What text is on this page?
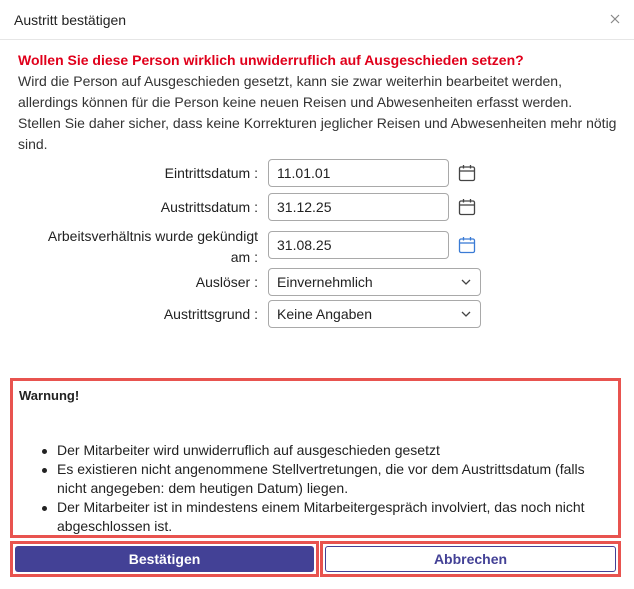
Austritt bestätigen
Wollen Sie diese Person wirklich unwiderruflich auf Ausgeschieden setzen?
Wird die Person auf Ausgeschieden gesetzt, kann sie zwar weiterhin bearbeitet werden, allerdings können für die Person keine neuen Reisen und Abwesenheiten erfasst werden. Stellen Sie daher sicher, dass keine Korrekturen jeglicher Reisen und Abwesenheiten mehr nötig sind.
Eintrittsdatum : 11.01.01
Austrittsdatum : 31.12.25
Arbeitsverhältnis wurde gekündigt
am :
31.08.25
Auslöser : Einvernehmlich
Austrittsgrund : Keine Angaben
Warnung!
Der Mitarbeiter wird unwiderruflich auf ausgeschieden gesetzt
Es existieren nicht angenommene Stellvertretungen, die vor dem Austrittsdatum (falls nicht angegeben: dem heutigen Datum) liegen.
Der Mitarbeiter ist in mindestens einem Mitarbeitergespräch involviert, das noch nicht abgeschlossen ist.
Bestätigen	Abbrechen
